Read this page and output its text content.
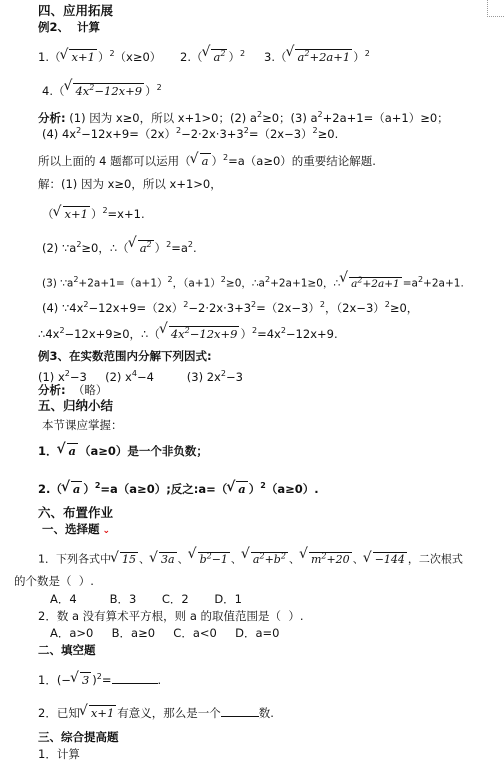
四、应用拓展
例2、  计算
1.（ √ x+1 ）$^2$（x≥0） 2.（ √ $a^2$ ）$^2$ 3.（ √ $a^2+2a+1$ ）$^2$
4.（ √ $4x^2-12x+9$ ）$^2$
分析: (1) 因为 x≥0，所以 x+1>0；(2) $a^2\ge 0$；(3) $a^2+2a+1=(a+1)\ge 0$；
(4) $4x^2-12x+9=(2x)^2-2\cdot 2x\cdot 3+3^2=(2x-3)^2\ge 0$.
所以上面的 4 题都可以运用（ √ a ）$^2$=a（a≥0）的重要结论解题.
解：(1) 因为 x≥0，所以 x+1>0，
（ √ x+1 ）$^2$=x+1.
(2) $\because a^2\ge 0$，∴（ √ $a^2$ ）$^2=a^2$.
(3) $\because a^2+2a+1=(a+1)^2$，$(a+1)^2\ge 0$，$\therefore a^2+2a+1\ge 0$，∴ √ $a^2+2a+1 =a^2+2a+1$.
(4) $\because 4x^2-12x+9=(2x)^2-2\cdot 2x\cdot 3+3^2=(2x-3)^2$，$(2x-3)^2\ge 0$，
$\therefore 4x^2-12x+9\ge 0$，∴（ √ $4x^2-12x+9$ ）$^2=4x^2-12x+9$.
例3、在实数范围内分解下列因式:
(1) $x^2-3$     (2) $x^4-4$         (3) $2x^2-3$
分析:  （略）
五、归纳小结
本节课应掌握：
1． √ a （a≥0）是一个非负数；
2.（ √ a ）$^2$=a（a≥0）;反之:a=（ √ a ）$^2$（a≥0）.
六、布置作业
一、选择题 ⌄
1．下列各式中 √ 15 、 √ 3a 、 √ $b^2-1$ 、 √ $a^2+b^2$ 、 √ $m^2+20$ 、 √ −144 ，二次根式
的个数是（  ）.
A．4         B．3       C．2       D．1
2．数 a 没有算术平方根，则 a 的取值范围是（  ）.
A．a>0     B．a≥0     C．a<0     D．a=0
二、填空题
1．(− √ 3 )$^2$=	.
2．已知 √ x+1 有意义，那么是一个	数.
三、综合提高题
1．计算
